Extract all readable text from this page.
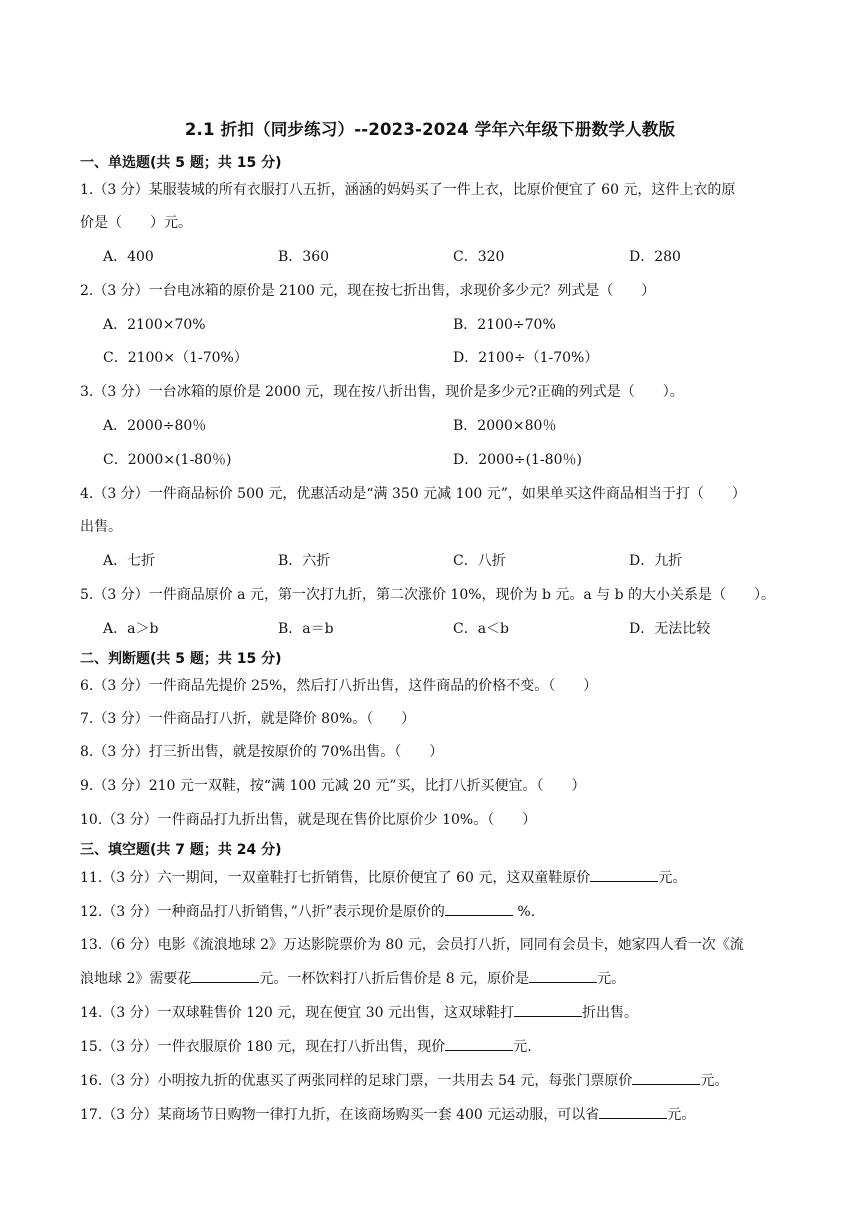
2.1 折扣（同步练习）--2023-2024 学年六年级下册数学人教版
一、单选题(共 5 题；共 15 分)
1.（3 分）某服装城的所有衣服打八五折，涵涵的妈妈买了一件上衣，比原价便宜了 60 元，这件上衣的原
价是（　　）元。
A．400	B．360	C．320	D．280
2.（3 分）一台电冰箱的原价是 2100 元，现在按七折出售，求现价多少元？列式是（　　）
A．2100×70%	B．2100÷70%
C．2100×（1-70%）	D．2100÷（1-70%）
3.（3 分）一台冰箱的原价是 2000 元，现在按八折出售，现价是多少元?正确的列式是（　　）。
A．2000÷80％	B．2000×80％
C．2000×(1-80％)	D．2000÷(1-80％)
4.（3 分）一件商品标价 500 元，优惠活动是“满 350 元减 100 元”，如果单买这件商品相当于打（　　）
出售。
A．七折	B．六折	C．八折	D．九折
5.（3 分）一件商品原价 a 元，第一次打九折，第二次涨价 10%，现价为 b 元。a 与 b 的大小关系是（　　）。
A．a＞b	B．a＝b	C．a＜b	D．无法比较
二、判断题(共 5 题；共 15 分)
6.（3 分）一件商品先提价 25%，然后打八折出售，这件商品的价格不变。（　　）
7.（3 分）一件商品打八折，就是降价 80%。（　　）
8.（3 分）打三折出售，就是按原价的 70%出售。（　　）
9.（3 分）210 元一双鞋，按“满 100 元减 20 元”买，比打八折买便宜。（　　）
10.（3 分）一件商品打九折出售，就是现在售价比原价少 10%。（　　）
三、填空题(共 7 题；共 24 分)
11.（3 分）六一期间，一双童鞋打七折销售，比原价便宜了 60 元，这双童鞋原价	元。
12.（3 分）一种商品打八折销售，”八折”表示现价是原价的	%.
13.（6 分）电影《流浪地球 2》万达影院票价为 80 元，会员打八折，同同有会员卡，她家四人看一次《流
浪地球 2》需要花	元。一杯饮料打八折后售价是 8 元，原价是	元。
14.（3 分）一双球鞋售价 120 元，现在便宜 30 元出售，这双球鞋打	折出售。
15.（3 分）一件衣服原价 180 元，现在打八折出售，现价	元.
16.（3 分）小明按九折的优惠买了两张同样的足球门票，一共用去 54 元，每张门票原价	元。
17.（3 分）某商场节日购物一律打九折，在该商场购买一套 400 元运动服，可以省	元。
